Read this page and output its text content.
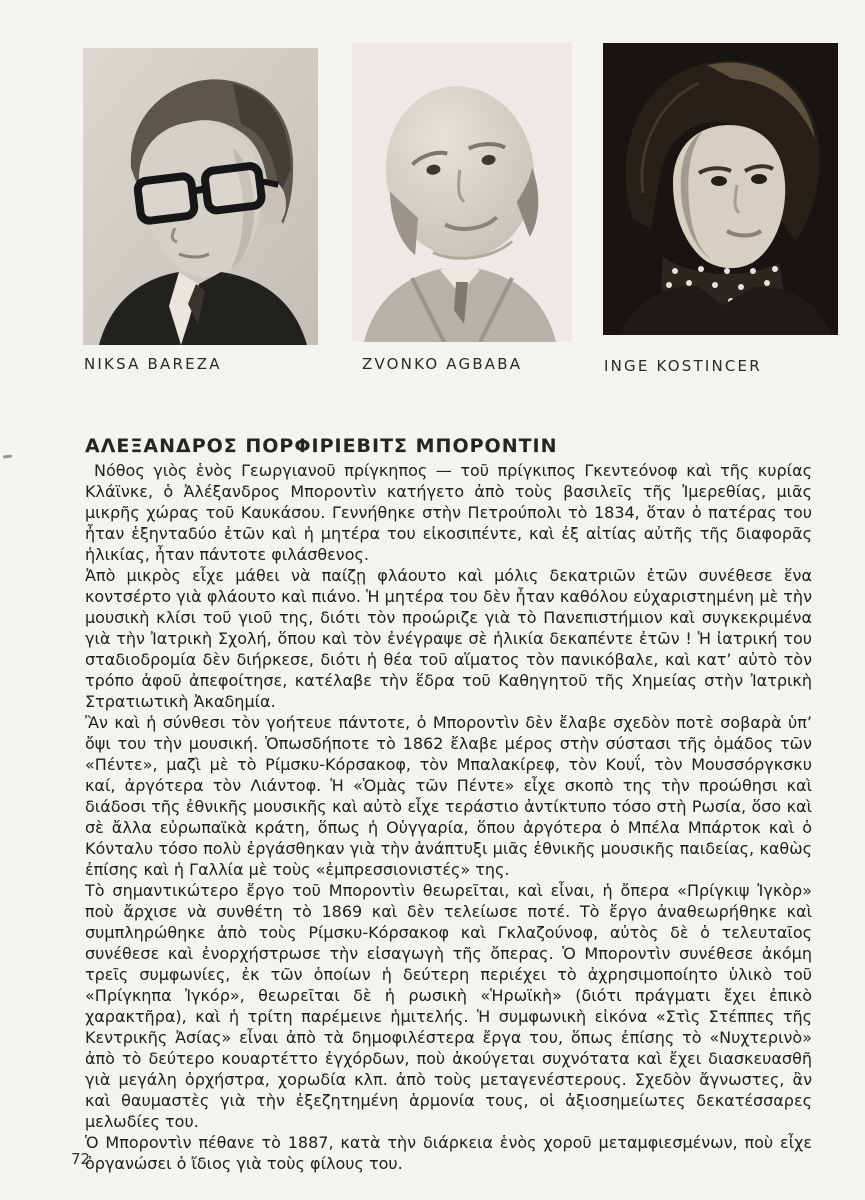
NIKSA BAREZA	ZVONKO AGBABA	INGE KOSTINCER
ΑΛΕΞΑΝΔΡΟΣ ΠΟΡΦΙΡΙΕΒΙΤΣ ΜΠΟΡΟΝΤΙΝ

Νόθος γιὸς ἑνὸς Γεωργιανοῦ πρίγκηπος — τοῦ πρίγκιπος Γκεντεόνοφ καὶ τῆς κυρίας Κλάϊνκε, ὁ Ἀλέξανδρος Μποροντὶν κατήγετο ἀπὸ τοὺς βασιλεῖς τῆς Ἰμερεθίας, μιᾶς μικρῆς χώρας τοῦ Καυκάσου. Γεννήθηκε στὴν Πετρούπολι τὸ 1834, ὅταν ὁ πατέρας του ἦταν ἑξηνταδύο ἐτῶν καὶ ἡ μητέρα του εἰκοσιπέντε, καὶ ἐξ αἰτίας αὐτῆς τῆς διαφορᾶς ἡλικίας, ἦταν πάντοτε φιλάσθενος.

Ἀπὸ μικρὸς εἶχε μάθει νὰ παίζῃ φλάουτο καὶ μόλις δεκατριῶν ἐτῶν συνέθεσε ἕνα κοντσέρτο γιὰ φλάουτο καὶ πιάνο. Ἡ μητέρα του δὲν ἦταν καθόλου εὐχαριστημένη μὲ τὴν μουσικὴ κλίσι τοῦ γιοῦ της, διότι τὸν προώριζε γιὰ τὸ Πανεπιστήμιον καὶ συγκεκριμένα γιὰ τὴν Ἰατρικὴ Σχολή, ὅπου καὶ τὸν ἐνέγραψε σὲ ἡλικία δεκαπέντε ἐτῶν ! Ἡ ἰατρική του σταδιοδρομία δὲν διήρκεσε, διότι ἡ θέα τοῦ αἵματος τὸν πανικόβαλε, καὶ κατ’ αὐτὸ τὸν τρόπο ἀφοῦ ἀπεφοίτησε, κατέλαβε τὴν ἕδρα τοῦ Καθηγητοῦ τῆς Χημείας στὴν Ἰατρικὴ Στρατιωτικὴ Ἀκαδημία.

Ἂν καὶ ἡ σύνθεσι τὸν γοήτευε πάντοτε, ὁ Μποροντὶν δὲν ἔλαβε σχεδὸν ποτὲ σοβαρὰ ὑπ’ ὄψι του τὴν μουσική. Ὁπωσδήποτε τὸ 1862 ἔλαβε μέρος στὴν σύστασι τῆς ὁμάδος τῶν «Πέντε», μαζὶ μὲ τὸ Ρίμσκυ-Κόρσακοφ, τὸν Μπαλακίρεφ, τὸν Κουΐ, τὸν Μουσσόργκσκυ καί, ἀργότερα τὸν Λιάντοφ. Ἡ «Ὁμὰς τῶν Πέντε» εἶχε σκοπὸ της τὴν προώθησι καὶ διάδοσι τῆς ἐθνικῆς μουσικῆς καὶ αὐτὸ εἶχε τεράστιο ἀντίκτυπο τόσο στὴ Ρωσία, ὅσο καὶ σὲ ἄλλα εὐρωπαϊκὰ κράτη, ὅπως ἡ Οὑγγαρία, ὅπου ἀργότερα ὁ Μπέλα Μπάρτοκ καὶ ὁ Κόνταλυ τόσο πολὺ ἐργάσθηκαν γιὰ τὴν ἀνάπτυξι μιᾶς ἐθνικῆς μουσικῆς παιδείας, καθὼς ἐπίσης καὶ ἡ Γαλλία μὲ τοὺς «ἐμπρεσσιονιστές» της.

Τὸ σημαντικώτερο ἔργο τοῦ Μποροντὶν θεωρεῖται, καὶ εἶναι, ἡ ὄπερα «Πρίγκιψ Ἰγκὸρ» ποὺ ἄρχισε νὰ συνθέτη τὸ 1869 καὶ δὲν τελείωσε ποτέ. Τὸ ἔργο ἀναθεωρήθηκε καὶ συμπληρώθηκε ἀπὸ τοὺς Ρίμσκυ-Κόρσακοφ καὶ Γκλαζούνοφ, αὐτὸς δὲ ὁ τελευταῖος συνέθεσε καὶ ἐνορχήστρωσε τὴν εἰσαγωγὴ τῆς ὄπερας. Ὁ Μποροντὶν συνέθεσε ἀκόμη τρεῖς συμφωνίες, ἐκ τῶν ὁποίων ἡ δεύτερη περιέχει τὸ ἀχρησιμοποίητο ὑλικὸ τοῦ «Πρίγκηπα Ἰγκόρ», θεωρεῖται δὲ ἡ ρωσικὴ «Ἡρωϊκὴ» (διότι πράγματι ἔχει ἐπικὸ χαρακτῆρα), καὶ ἡ τρίτη παρέμεινε ἡμιτελής. Ἡ συμφωνικὴ εἰκόνα «Στὶς Στέππες τῆς Κεντρικῆς Ἀσίας» εἶναι ἀπὸ τὰ δημοφιλέστερα ἔργα του, ὅπως ἐπίσης τὸ «Νυχτερινὸ» ἀπὸ τὸ δεύτερο κουαρτέττο ἐγχόρδων, ποὺ ἀκούγεται συχνότατα καὶ ἔχει διασκευασθῆ γιὰ μεγάλη ὀρχήστρα, χορωδία κλπ. ἀπὸ τοὺς μεταγενέστερους. Σχεδὸν ἄγνωστες, ἂν καὶ θαυμαστὲς γιὰ τὴν ἐξεζητημένη ἁρμονία τους, οἱ ἀξιοσημείωτες δεκατέσσαρες μελωδίες του.

Ὁ Μποροντὶν πέθανε τὸ 1887, κατὰ τὴν διάρκεια ἑνὸς χοροῦ μεταμφιεσμένων, ποὺ εἶχε ὀργανώσει ὁ ἴδιος γιὰ τοὺς φίλους του.

72
